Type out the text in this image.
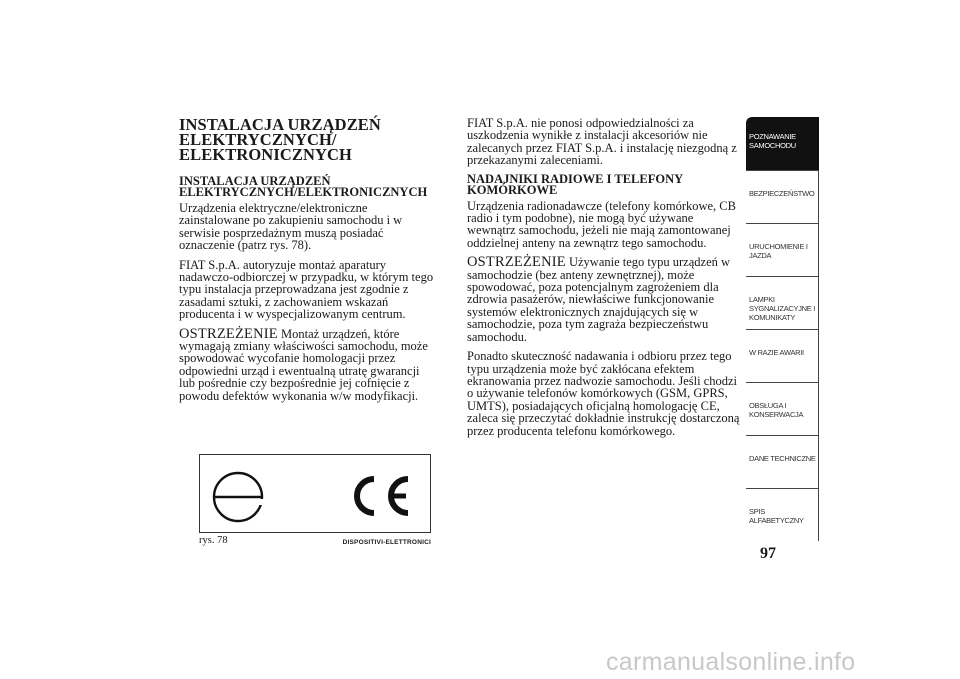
INSTALACJA URZĄDZEŃ ELEKTRYCZNYCH/ ELEKTRONICZNYCH
INSTALACJA URZĄDZEŃ ELEKTRYCZNYCH/ELEKTRONICZNYCH

Urządzenia elektryczne/elektroniczne zainstalowane po zakupieniu samochodu i w serwisie posprzedażnym muszą posiadać oznaczenie (patrz rys. 78).

FIAT S.p.A. autoryzuje montaż aparatury nadawczo-odbiorczej w przypadku, w którym tego typu instalacja przeprowadzana jest zgodnie z zasadami sztuki, z zachowaniem wskazań producenta i w wyspecjalizowanym centrum.

OSTRZEŻENIE Montaż urządzeń, które wymagają zmiany właściwości samochodu, może spowodować wycofanie homologacji przez odpowiedni urząd i ewentualną utratę gwarancji lub pośrednie czy bezpośrednie jej cofnięcie z powodu defektów wykonania w/w modyfikacji.

rys. 78	DISPOSITIVI-ELETTRONICI

FIAT S.p.A. nie ponosi odpowiedzialności za uszkodzenia wynikłe z instalacji akcesoriów nie zalecanych przez FIAT S.p.A. i instalację niezgodną z przekazanymi zaleceniami.

NADAJNIKI RADIOWE I TELEFONY KOMÓRKOWE

Urządzenia radionadawcze (telefony komórkowe, CB radio i tym podobne), nie mogą być używane wewnątrz samochodu, jeżeli nie mają zamontowanej oddzielnej anteny na zewnątrz tego samochodu.

OSTRZEŻENIE Używanie tego typu urządzeń w samochodzie (bez anteny zewnętrznej), może spowodować, poza potencjalnym zagrożeniem dla zdrowia pasażerów, niewłaściwe funkcjonowanie systemów elektronicznych znajdujących się w samochodzie, poza tym zagraża bezpieczeństwu samochodu.

Ponadto skuteczność nadawania i odbioru przez tego typu urządzenia może być zakłócana efektem ekranowania przez nadwozie samochodu. Jeśli chodzi o używanie telefonów komórkowych (GSM, GPRS, UMTS), posiadających oficjalną homologację CE, zaleca się przeczytać dokładnie instrukcję dostarczoną przez producenta telefonu komórkowego.

POZNAWANIE SAMOCHODU
BEZPIECZEŃSTWO
URUCHOMIENIE I JAZDA
LAMPKI SYGNALIZACYJNE I KOMUNIKATY
W RAZIE AWARII
OBSŁUGA I KONSERWACJA
DANE TECHNICZNE
SPIS ALFABETYCZNY
97
carmanualsonline.info
